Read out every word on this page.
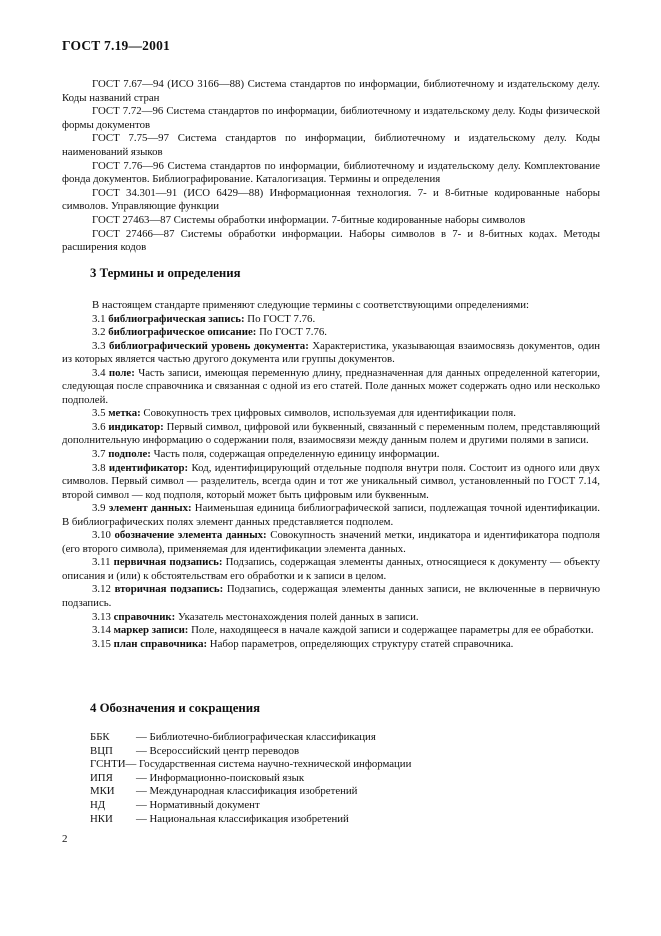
ГОСТ 7.19—2001

ГОСТ 7.67—94 (ИСО 3166—88) Система стандартов по информации, библиотечному и издательскому делу. Коды названий стран

ГОСТ 7.72—96 Система стандартов по информации, библиотечному и издательскому делу. Коды физической формы документов

ГОСТ 7.75—97 Система стандартов по информации, библиотечному и издательскому делу. Коды наименований языков

ГОСТ 7.76—96 Система стандартов по информации, библиотечному и издательскому делу. Комплектование фонда документов. Библиографирование. Каталогизация. Термины и определения

ГОСТ 34.301—91 (ИСО 6429—88) Информационная технология. 7- и 8-битные кодированные наборы символов. Управляющие функции

ГОСТ 27463—87 Системы обработки информации. 7-битные кодированные наборы символов

ГОСТ 27466—87 Системы обработки информации. Наборы символов в 7- и 8-битных кодах. Методы расширения кодов

3 Термины и определения

В настоящем стандарте применяют следующие термины с соответствующими определениями:

3.1 библиографическая запись: По ГОСТ 7.76.

3.2 библиографическое описание: По ГОСТ 7.76.

3.3 библиографический уровень документа: Характеристика, указывающая взаимосвязь документов, один из которых является частью другого документа или группы документов.

3.4 поле: Часть записи, имеющая переменную длину, предназначенная для данных определенной категории, следующая после справочника и связанная с одной из его статей. Поле данных может содержать одно или несколько подполей.

3.5 метка: Совокупность трех цифровых символов, используемая для идентификации поля.

3.6 индикатор: Первый символ, цифровой или буквенный, связанный с переменным полем, представляющий дополнительную информацию о содержании поля, взаимосвязи между данным полем и другими полями в записи.

3.7 подполе: Часть поля, содержащая определенную единицу информации.

3.8 идентификатор: Код, идентифицирующий отдельные подполя внутри поля. Состоит из одного или двух символов. Первый символ — разделитель, всегда один и тот же уникальный символ, установленный по ГОСТ 7.14, второй символ — код подполя, который может быть цифровым или буквенным.

3.9 элемент данных: Наименьшая единица библиографической записи, подлежащая точной идентификации. В библиографических полях элемент данных представляется подполем.

3.10 обозначение элемента данных: Совокупность значений метки, индикатора и идентификатора подполя (его второго символа), применяемая для идентификации элемента данных.

3.11 первичная подзапись: Подзапись, содержащая элементы данных, относящиеся к документу — объекту описания и (или) к обстоятельствам его обработки и к записи в целом.

3.12 вторичная подзапись: Подзапись, содержащая элементы данных записи, не включенные в первичную подзапись.

3.13 справочник: Указатель местонахождения полей данных в записи.

3.14 маркер записи: Поле, находящееся в начале каждой записи и содержащее параметры для ее обработки.

3.15 план справочника: Набор параметров, определяющих структуру статей справочника.

4 Обозначения и сокращения
ББК	— Библиотечно-библиографическая классификация
ВЦП	— Всероссийский центр переводов
ГСНТИ — Государственная система научно-технической информации
ИПЯ	— Информационно-поисковый язык
МКИ	— Международная классификация изобретений
НД	— Нормативный документ
НКИ	— Национальная классификация изобретений
2
